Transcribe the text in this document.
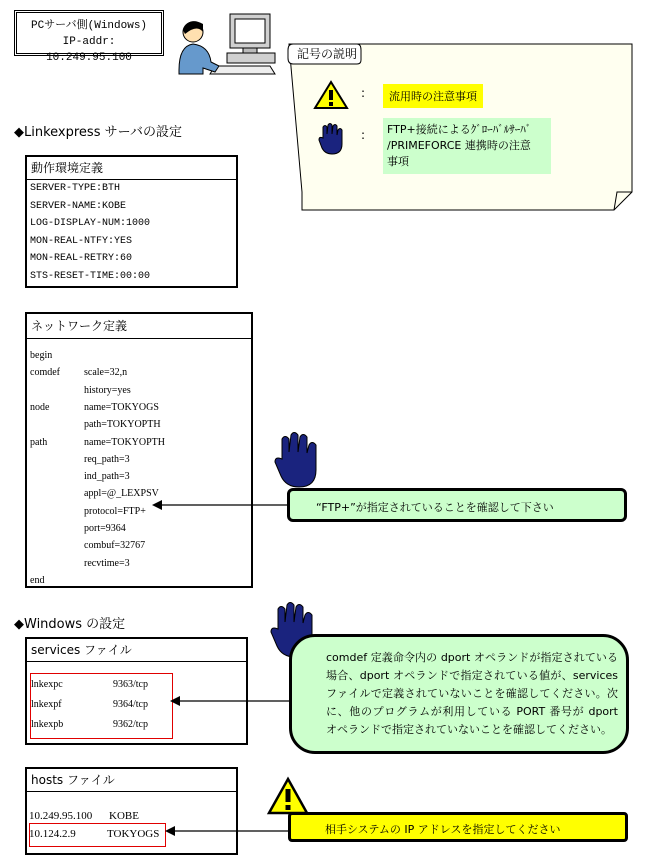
PCサーバ側(Windows)
IP-addr: 10.249.95.100	記号の説明
:	流用時の注意事項
: FTP+接続によるｸﾞﾛｰﾊﾞﾙｻｰﾊﾞ
/PRIMEFORCE 連携時の注意
事項
◆Linkexpress サーバの設定
動作環境定義
SERVER-TYPE:BTH
SERVER-NAME:KOBE
LOG-DISPLAY-NUM:1000
MON-REAL-NTFY:YES
MON-REAL-RETRY:60
STS-RESET-TIME:00:00
ネットワーク定義
begin
comdef scale=32,n
history=yes
node	name=TOKYOGS
path=TOKYOPTH
path	name=TOKYOPTH
req_path=3
ind_path=3
appl=@_LEXPSV
protocol=FTP+
port=9364
combuf=32767
recvtime=3
end
“FTP+”が指定されていることを確認して下さい
◆Windows の設定
services ファイル
lnkexpc	9363/tcp
lnkexpf	9364/tcp
lnkexpb	9362/tcp
comdef 定義命令内の dport オペランドが指定されている場合、dport オペランドで指定されている値が、services ファイルで定義されていないことを確認してください。次に、他のプログラムが利用している PORT 番号が dport オペランドで指定されていないことを確認してください。
hosts ファイル
10.249.95.100 KOBE
10.124.2.9	TOKYOGS	相手システムの IP アドレスを指定してください
